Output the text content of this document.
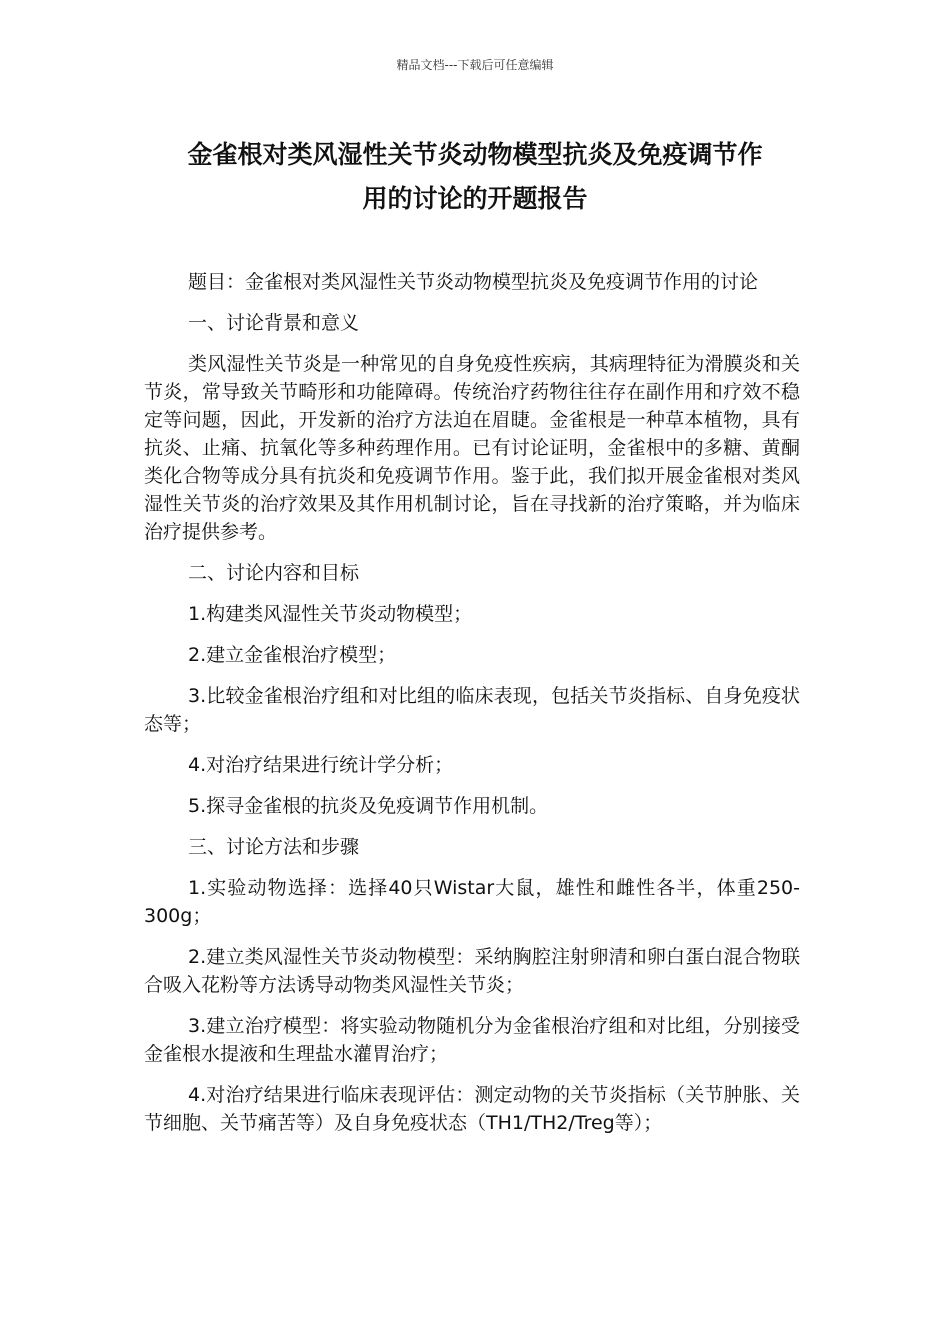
精品文档---下载后可任意编辑
金雀根对类风湿性关节炎动物模型抗炎及免疫调节作
用的讨论的开题报告

题目：金雀根对类风湿性关节炎动物模型抗炎及免疫调节作用的讨论

一、讨论背景和意义

类风湿性关节炎是一种常见的自身免疫性疾病，其病理特征为滑膜炎和关节炎，常导致关节畸形和功能障碍。传统治疗药物往往存在副作用和疗效不稳定等问题，因此，开发新的治疗方法迫在眉睫。金雀根是一种草本植物，具有抗炎、止痛、抗氧化等多种药理作用。已有讨论证明，金雀根中的多糖、黄酮类化合物等成分具有抗炎和免疫调节作用。鉴于此，我们拟开展金雀根对类风湿性关节炎的治疗效果及其作用机制讨论，旨在寻找新的治疗策略，并为临床治疗提供参考。

二、讨论内容和目标

1.构建类风湿性关节炎动物模型；

2.建立金雀根治疗模型；

3.比较金雀根治疗组和对比组的临床表现，包括关节炎指标、自身免疫状态等；

4.对治疗结果进行统计学分析；

5.探寻金雀根的抗炎及免疫调节作用机制。

三、讨论方法和步骤

1.实验动物选择：选择40只Wistar大鼠，雄性和雌性各半，体重250-300g；

2.建立类风湿性关节炎动物模型：采纳胸腔注射卵清和卵白蛋白混合物联合吸入花粉等方法诱导动物类风湿性关节炎；

3.建立治疗模型：将实验动物随机分为金雀根治疗组和对比组，分别接受金雀根水提液和生理盐水灌胃治疗；

4.对治疗结果进行临床表现评估：测定动物的关节炎指标（关节肿胀、关节细胞、关节痛苦等）及自身免疫状态（TH1/TH2/Treg等）；
